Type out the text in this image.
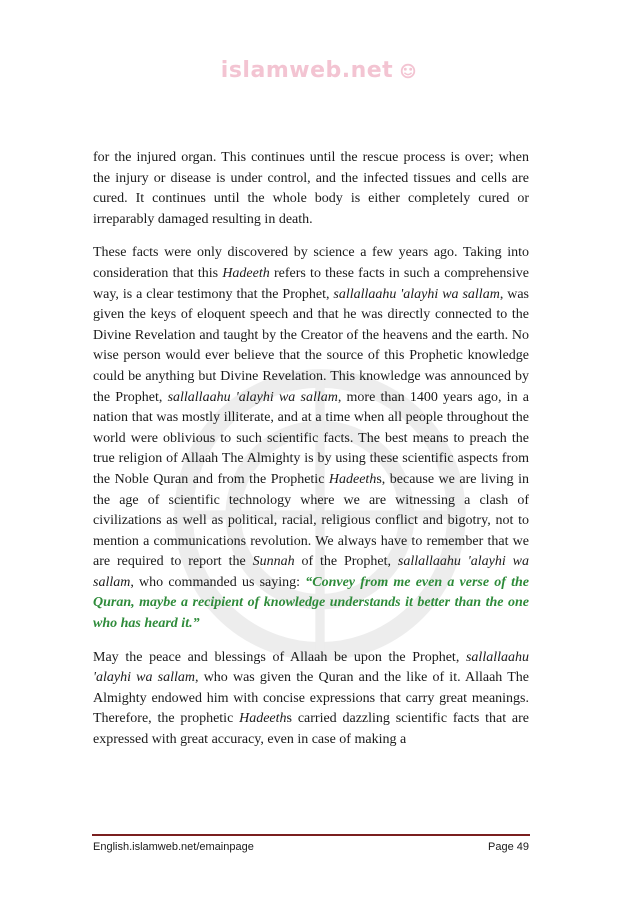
islamweb.net

for the injured organ. This continues until the rescue process is over; when the injury or disease is under control, and the infected tissues and cells are cured. It continues until the whole body is either completely cured or irreparably damaged resulting in death.

These facts were only discovered by science a few years ago. Taking into consideration that this Hadeeth refers to these facts in such a comprehensive way, is a clear testimony that the Prophet, sallallaahu 'alayhi wa sallam, was given the keys of eloquent speech and that he was directly connected to the Divine Revelation and taught by the Creator of the heavens and the earth. No wise person would ever believe that the source of this Prophetic knowledge could be anything but Divine Revelation. This knowledge was announced by the Prophet, sallallaahu 'alayhi wa sallam, more than 1400 years ago, in a nation that was mostly illiterate, and at a time when all people throughout the world were oblivious to such scientific facts. The best means to preach the true religion of Allaah The Almighty is by using these scientific aspects from the Noble Quran and from the Prophetic Hadeeths, because we are living in the age of scientific technology where we are witnessing a clash of civilizations as well as political, racial, religious conflict and bigotry, not to mention a communications revolution. We always have to remember that we are required to report the Sunnah of the Prophet, sallallaahu 'alayhi wa sallam, who commanded us saying: “Convey from me even a verse of the Quran, maybe a recipient of knowledge understands it better than the one who has heard it.”

May the peace and blessings of Allaah be upon the Prophet, sallallaahu 'alayhi wa sallam, who was given the Quran and the like of it. Allaah The Almighty endowed him with concise expressions that carry great meanings. Therefore, the prophetic Hadeeths carried dazzling scientific facts that are expressed with great accuracy, even in case of making a

English.islamweb.net/emainpage	Page 49
